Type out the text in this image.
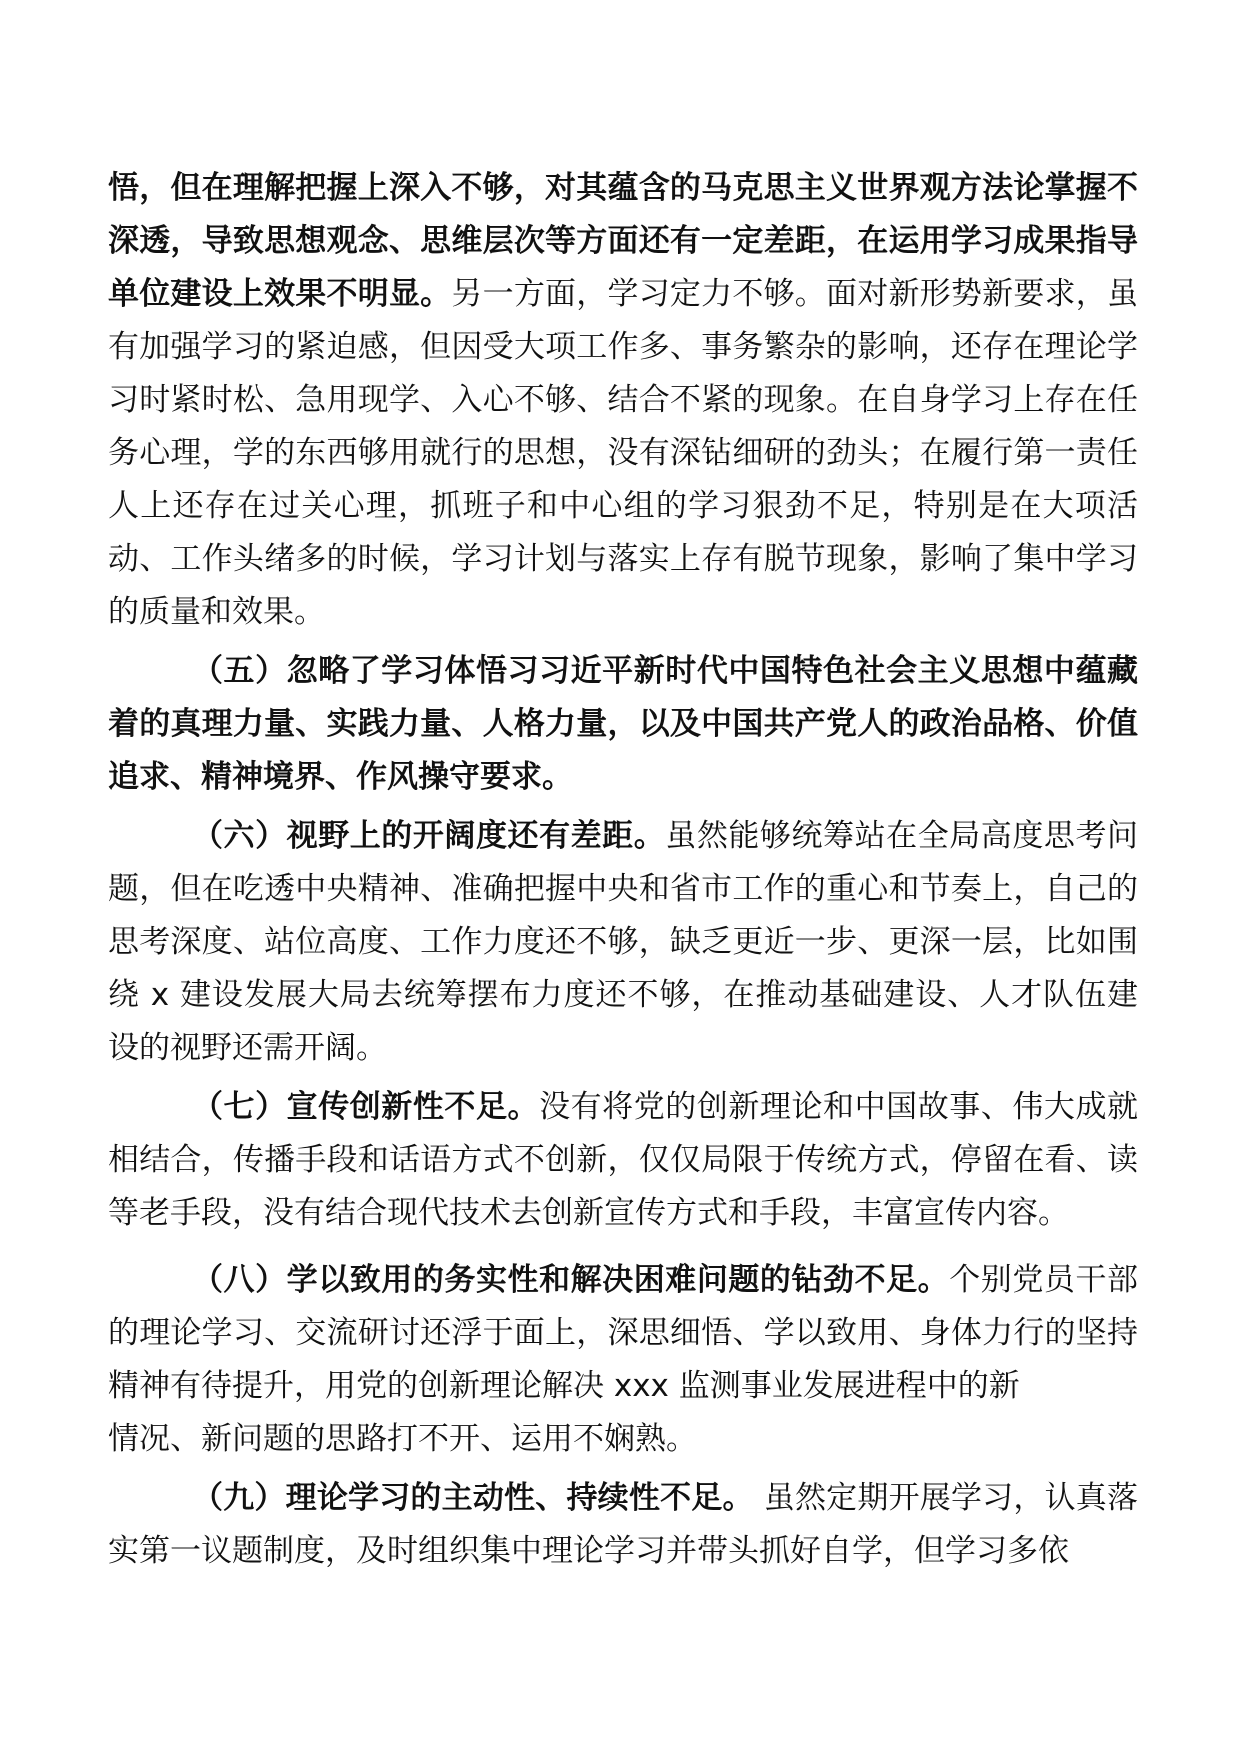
悟，但在理解把握上深入不够，对其蕴含的马克思主义世界观方法论掌握不深透，导致思想观念、思维层次等方面还有一定差距，在运用学习成果指导单位建设上效果不明显。另一方面，学习定力不够。面对新形势新要求，虽有加强学习的紧迫感，但因受大项工作多、事务繁杂的影响，还存在理论学习时紧时松、急用现学、入心不够、结合不紧的现象。在自身学习上存在任务心理，学的东西够用就行的思想，没有深钻细研的劲头；在履行第一责任人上还存在过关心理，抓班子和中心组的学习狠劲不足，特别是在大项活动、工作头绪多的时候，学习计划与落实上存有脱节现象，影响了集中学习的质量和效果。

（五）忽略了学习体悟习习近平新时代中国特色社会主义思想中蕴藏着的真理力量、实践力量、人格力量，以及中国共产党人的政治品格、价值追求、精神境界、作风操守要求。

（六）视野上的开阔度还有差距。虽然能够统筹站在全局高度思考问题，但在吃透中央精神、准确把握中央和省市工作的重心和节奏上，自己的思考深度、站位高度、工作力度还不够，缺乏更近一步、更深一层，比如围绕 x 建设发展大局去统筹摆布力度还不够，在推动基础建设、人才队伍建设的视野还需开阔。

（七）宣传创新性不足。没有将党的创新理论和中国故事、伟大成就相结合，传播手段和话语方式不创新，仅仅局限于传统方式，停留在看、读等老手段，没有结合现代技术去创新宣传方式和手段，丰富宣传内容。

（八）学以致用的务实性和解决困难问题的钻劲不足。个别党员干部的理论学习、交流研讨还浮于面上，深思细悟、学以致用、身体力行的坚持精神有待提升，用党的创新理论解决 xxx 监测事业发展进程中的新

情况、新问题的思路打不开、运用不娴熟。

（九）理论学习的主动性、持续性不足。 虽然定期开展学习，认真落实第一议题制度，及时组织集中理论学习并带头抓好自学，但学习多依
